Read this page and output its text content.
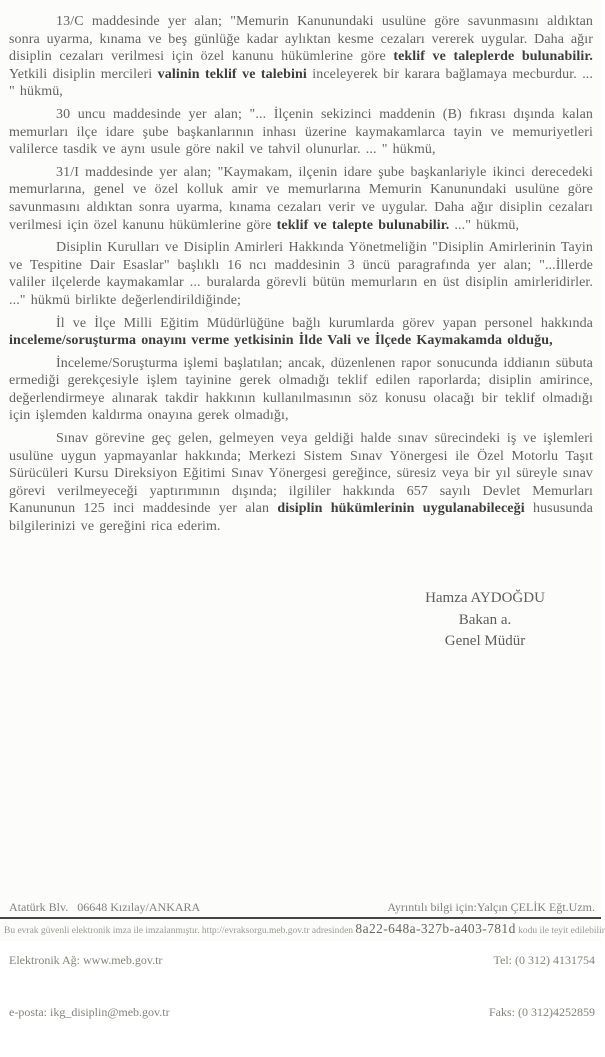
13/C maddesinde yer alan; "Memurin Kanunundaki usulüne göre savunmasını aldıktan sonra uyarma, kınama ve beş günlüğe kadar aylıktan kesme cezaları vererek uygular. Daha ağır disiplin cezaları verilmesi için özel kanunu hükümlerine göre teklif ve taleplerde bulunabilir. Yetkili disiplin mercileri valinin teklif ve talebini inceleyerek bir karara bağlamaya mecburdur. ... " hükmü,

30 uncu maddesinde yer alan; "... İlçenin sekizinci maddenin (B) fıkrası dışında kalan memurları ilçe idare şube başkanlarının inhası üzerine kaymakamlarca tayin ve memuriyetleri valilerce tasdik ve aynı usule göre nakil ve tahvil olunurlar. ... " hükmü,

31/I maddesinde yer alan; "Kaymakam, ilçenin idare şube başkanlariyle ikinci derecedeki memurlarına, genel ve özel kolluk amir ve memurlarına Memurin Kanunundaki usulüne göre savunmasını aldıktan sonra uyarma, kınama cezaları verir ve uygular. Daha ağır disiplin cezaları verilmesi için özel kanunu hükümlerine göre teklif ve talepte bulunabilir. ..." hükmü,

Disiplin Kurulları ve Disiplin Amirleri Hakkında Yönetmeliğin "Disiplin Amirlerinin Tayin ve Tespitine Dair Esaslar" başlıklı 16 ncı maddesinin 3 üncü paragrafında yer alan; "...İllerde valiler ilçelerde kaymakamlar ... buralarda görevli bütün memurların en üst disiplin amirleridirler. ..." hükmü birlikte değerlendirildiğinde;

İl ve İlçe Milli Eğitim Müdürlüğüne bağlı kurumlarda görev yapan personel hakkında inceleme/soruşturma onayını verme yetkisinin İlde Vali ve İlçede Kaymakamda olduğu,

İnceleme/Soruşturma işlemi başlatılan; ancak, düzenlenen rapor sonucunda iddianın sübuta ermediği gerekçesiyle işlem tayinine gerek olmadığı teklif edilen raporlarda; disiplin amirince, değerlendirmeye alınarak takdir hakkının kullanılmasının söz konusu olacağı bir teklif olmadığı için işlemden kaldırma onayına gerek olmadığı,

Sınav görevine geç gelen, gelmeyen veya geldiği halde sınav sürecindeki iş ve işlemleri usulüne uygun yapmayanlar hakkında; Merkezi Sistem Sınav Yönergesi ile Özel Motorlu Taşıt Sürücüleri Kursu Direksiyon Eğitimi Sınav Yönergesi gereğince, süresiz veya bir yıl süreyle sınav görevi verilmeyeceği yaptırımının dışında; ilgililer hakkında 657 sayılı Devlet Memurları Kanununun 125 inci maddesinde yer alan disiplin hükümlerinin uygulanabileceği hususunda bilgilerinizi ve gereğini rica ederim.

Hamza AYDOĞDU
Bakan a.
Genel Müdür

Atatürk Blv.   06648 Kızılay/ANKARA

Elektronik Ağ: www.meb.gov.tr

e-posta: ikg_disiplin@meb.gov.tr

Ayrıntılı bilgi için:Yalçın ÇELİK Eğt.Uzm.

Tel: (0 312) 4131754

Faks: (0 312)4252859

Bu evrak güvenli elektronik imza ile imzalanmıştır. http://evraksorgu.meb.gov.tr adresinden 8a22-648a-327b-a403-781d kodu ile teyit edilebilir
